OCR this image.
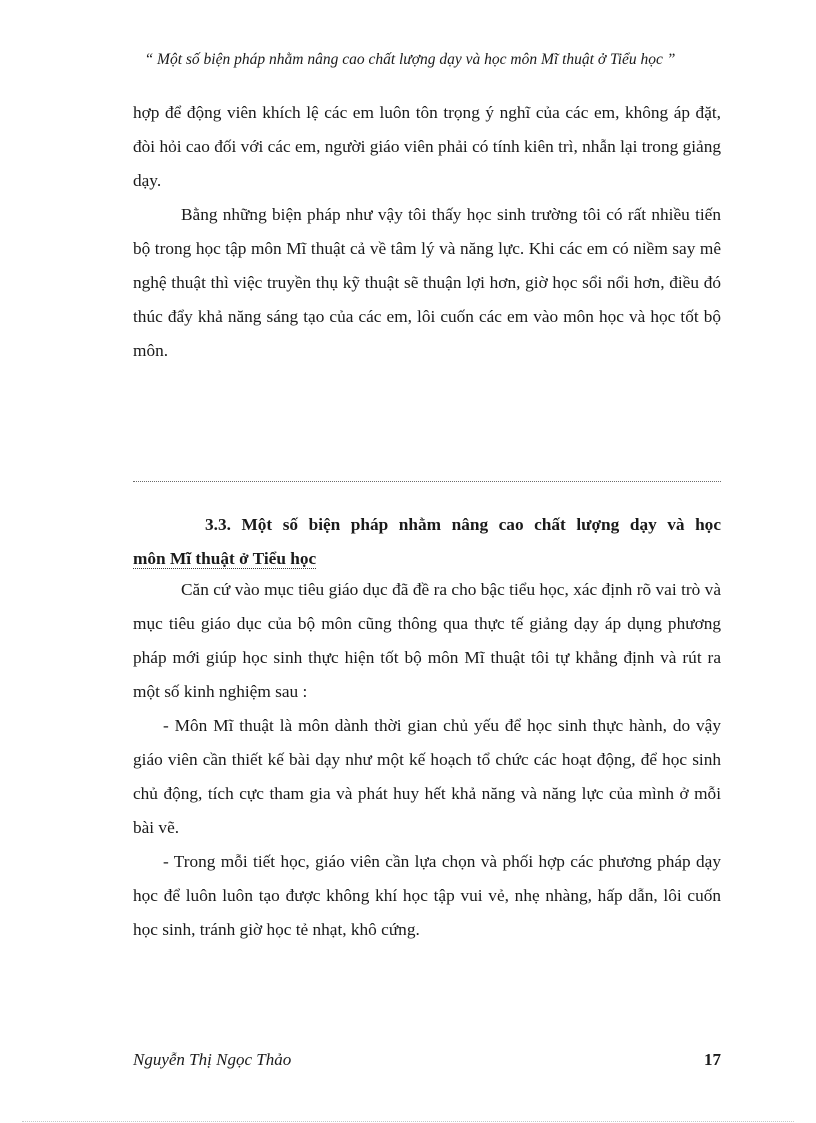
“ Một số biện pháp nhằm nâng cao chất lượng dạy và học môn Mĩ thuật ở Tiểu học ”

hợp để động viên khích lệ các em luôn tôn trọng ý nghĩ của các em, không áp đặt, đòi hỏi cao đối với các em, người giáo viên phải có tính kiên trì, nhẫn lại trong giảng dạy.

Bằng những biện pháp như vậy tôi thấy học sinh trường tôi có rất nhiều tiến bộ trong học tập môn Mĩ thuật cả về tâm lý và năng lực. Khi các em có niềm say mê nghệ thuật thì việc truyền thụ kỹ thuật sẽ thuận lợi hơn, giờ học sổi nổi hơn, điều đó thúc đẩy khả năng sáng tạo của các em, lôi cuốn các em vào môn học và học tốt bộ môn.

3.3. Một số biện pháp nhằm nâng cao chất lượng dạy và học
môn Mĩ thuật ở Tiểu học

Căn cứ vào mục tiêu giáo dục đã đề ra cho bậc tiểu học, xác định rõ vai trò và mục tiêu giáo dục của bộ môn cũng thông qua thực tế giảng dạy áp dụng phương pháp mới giúp học sinh thực hiện tốt bộ môn Mĩ thuật tôi tự khẳng định và rút ra một số kinh nghiệm sau :

- Môn Mĩ thuật là môn dành thời gian chủ yếu để học sinh thực hành, do vậy giáo viên cần thiết kế bài dạy như một kế hoạch tổ chức các hoạt động, để học sinh chủ động, tích cực tham gia và phát huy hết khả năng và năng lực của mình ở mỗi bài vẽ.

- Trong mỗi tiết học, giáo viên cần lựa chọn và phối hợp các phương pháp dạy học để luôn luôn tạo được không khí học tập vui vẻ, nhẹ nhàng, hấp dẫn, lôi cuốn học sinh, tránh giờ học tẻ nhạt, khô cứng.

Nguyễn Thị Ngọc Thảo	17
